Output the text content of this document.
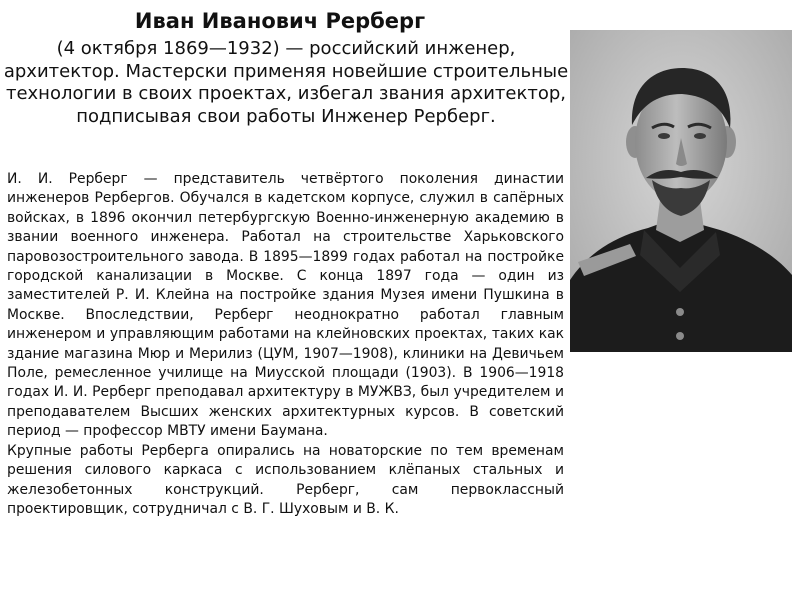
Иван Иванович Рерберг

(4 октября 1869—1932) — российский инженер, архитектор. Мастерски применяя новейшие строительные технологии в своих проектах, избегал звания архитектор, подписывая свои работы Инженер Рерберг.

И. И. Рерберг — представитель четвёртого поколения династии инженеров Рербергов. Обучался в кадетском корпусе, служил в сапёрных войсках, в 1896 окончил петербургскую Военно-инженерную академию в звании военного инженера. Работал на строительстве Харьковского паровозостроительного завода. В 1895—1899 годах работал на постройке городской канализации в Москве. С конца 1897 года — один из заместителей Р. И. Клейна на постройке здания Музея имени Пушкина в Москве. Впоследствии, Рерберг неоднократно работал главным инженером и управляющим работами на клейновских проектах, таких как здание магазина Мюр и Мерилиз (ЦУМ, 1907—1908), клиники на Девичьем Поле, ремесленное училище на Миусской площади (1903). В 1906—1918 годах И. И. Рерберг преподавал архитектуру в МУЖВЗ, был учредителем и преподавателем Высших женских архитектурных курсов. В советский период — профессор МВТУ имени Баумана.

Крупные работы Рерберга опирались на новаторские по тем временам решения силового каркаса с использованием клёпаных стальных и железобетонных конструкций. Рерберг, сам первоклассный проектировщик, сотрудничал с В. Г. Шуховым и В. К.
